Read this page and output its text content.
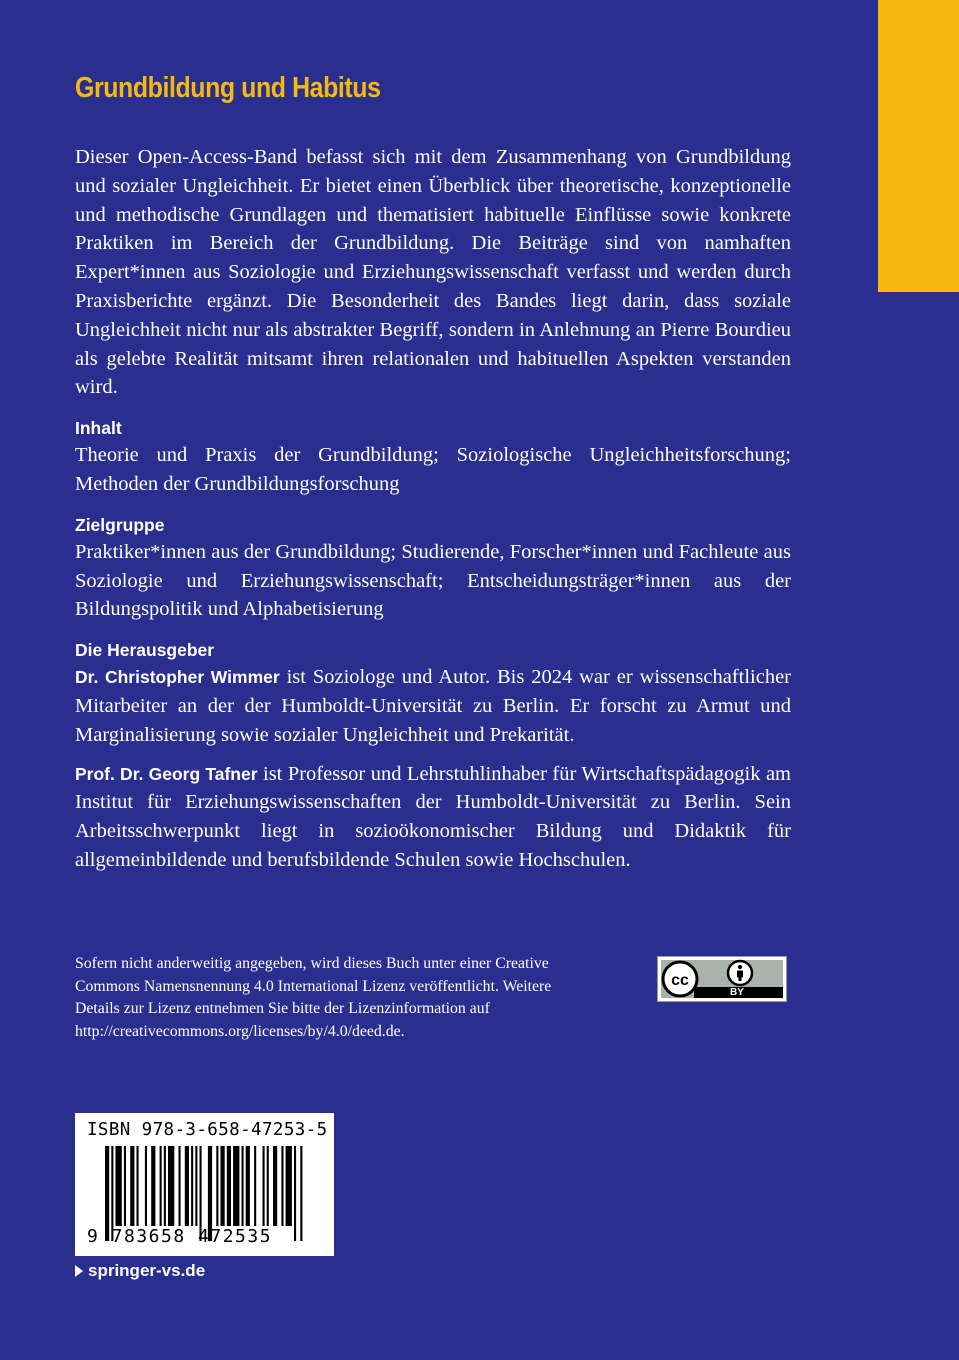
Grundbildung und Habitus

Dieser Open-Access-Band befasst sich mit dem Zusammenhang von Grundbildung und sozialer Ungleichheit. Er bietet einen Überblick über theoretische, konzeptionelle und methodische Grundlagen und thematisiert habituelle Einflüsse sowie konkrete Praktiken im Bereich der Grundbildung. Die Beiträge sind von namhaften Expert*innen aus Soziologie und Erziehungswissenschaft verfasst und werden durch Praxisberichte ergänzt. Die Besonderheit des Bandes liegt darin, dass soziale Ungleichheit nicht nur als abstrakter Begriff, sondern in Anlehnung an Pierre Bourdieu als gelebte Realität mitsamt ihren relationalen und habituellen Aspekten verstanden wird.

Inhalt

Theorie und Praxis der Grundbildung; Soziologische Ungleichheitsforschung; Methoden der Grundbildungsforschung

Zielgruppe

Praktiker*innen aus der Grundbildung; Studierende, Forscher*innen und Fachleute aus Soziologie und Erziehungswissenschaft; Entscheidungsträger*innen aus der Bildungspolitik und Alphabetisierung

Die Herausgeber

Dr. Christopher Wimmer ist Soziologe und Autor. Bis 2024 war er wissenschaftlicher Mitarbeiter an der der Humboldt-Universität zu Berlin. Er forscht zu Armut und Marginalisierung sowie sozialer Ungleichheit und Prekarität.

Prof. Dr. Georg Tafner ist Professor und Lehrstuhlinhaber für Wirtschaftspädagogik am Institut für Erziehungswissenschaften der Humboldt-Universität zu Berlin. Sein Arbeitsschwerpunkt liegt in sozioökonomischer Bildung und Didaktik für allgemeinbildende und berufsbildende Schulen sowie Hochschulen.

Sofern nicht anderweitig angegeben, wird dieses Buch unter einer Creative Commons Namensnennung 4.0 International Lizenz veröffentlicht. Weitere Details zur Lizenz entnehmen Sie bitte der Lizenzinformation auf http://creativecommons.org/licenses/by/4.0/deed.de.
cc
BY
ISBN 978-3-658-47253-5
9 783658 472535
springer-vs.de
